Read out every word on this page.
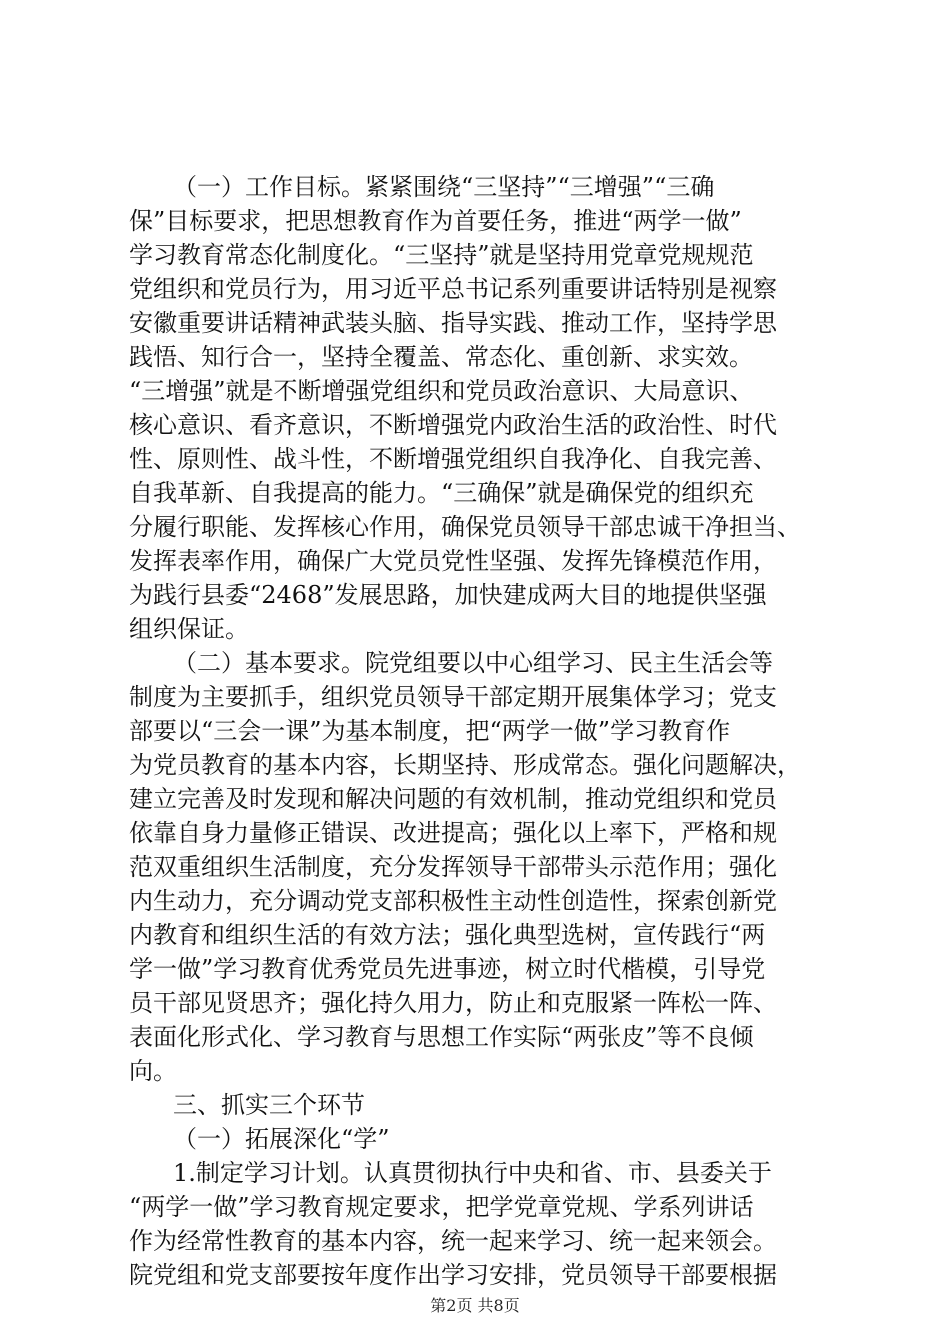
（一）工作目标。紧紧围绕“三坚持”“三增强”“三确
保”目标要求，把思想教育作为首要任务，推进“两学一做”
学习教育常态化制度化。“三坚持”就是坚持用党章党规规范
党组织和党员行为，用习近平总书记系列重要讲话特别是视察
安徽重要讲话精神武装头脑、指导实践、推动工作，坚持学思
践悟、知行合一，坚持全覆盖、常态化、重创新、求实效。
“三增强”就是不断增强党组织和党员政治意识、大局意识、
核心意识、看齐意识，不断增强党内政治生活的政治性、时代
性、原则性、战斗性，不断增强党组织自我净化、自我完善、
自我革新、自我提高的能力。“三确保”就是确保党的组织充
分履行职能、发挥核心作用，确保党员领导干部忠诚干净担当、
发挥表率作用，确保广大党员党性坚强、发挥先锋模范作用，
为践行县委“2468”发展思路，加快建成两大目的地提供坚强
组织保证。
（二）基本要求。院党组要以中心组学习、民主生活会等
制度为主要抓手，组织党员领导干部定期开展集体学习；党支
部要以“三会一课”为基本制度，把“两学一做”学习教育作
为党员教育的基本内容，长期坚持、形成常态。强化问题解决，
建立完善及时发现和解决问题的有效机制，推动党组织和党员
依靠自身力量修正错误、改进提高；强化以上率下，严格和规
范双重组织生活制度，充分发挥领导干部带头示范作用；强化
内生动力，充分调动党支部积极性主动性创造性，探索创新党
内教育和组织生活的有效方法；强化典型选树，宣传践行“两
学一做”学习教育优秀党员先进事迹，树立时代楷模，引导党
员干部见贤思齐；强化持久用力，防止和克服紧一阵松一阵、
表面化形式化、学习教育与思想工作实际“两张皮”等不良倾
向。
三、抓实三个环节
（一）拓展深化“学”
1.制定学习计划。认真贯彻执行中央和省、市、县委关于
“两学一做”学习教育规定要求，把学党章党规、学系列讲话
作为经常性教育的基本内容，统一起来学习、统一起来领会。
院党组和党支部要按年度作出学习安排，党员领导干部要根据
第2页 共8页
